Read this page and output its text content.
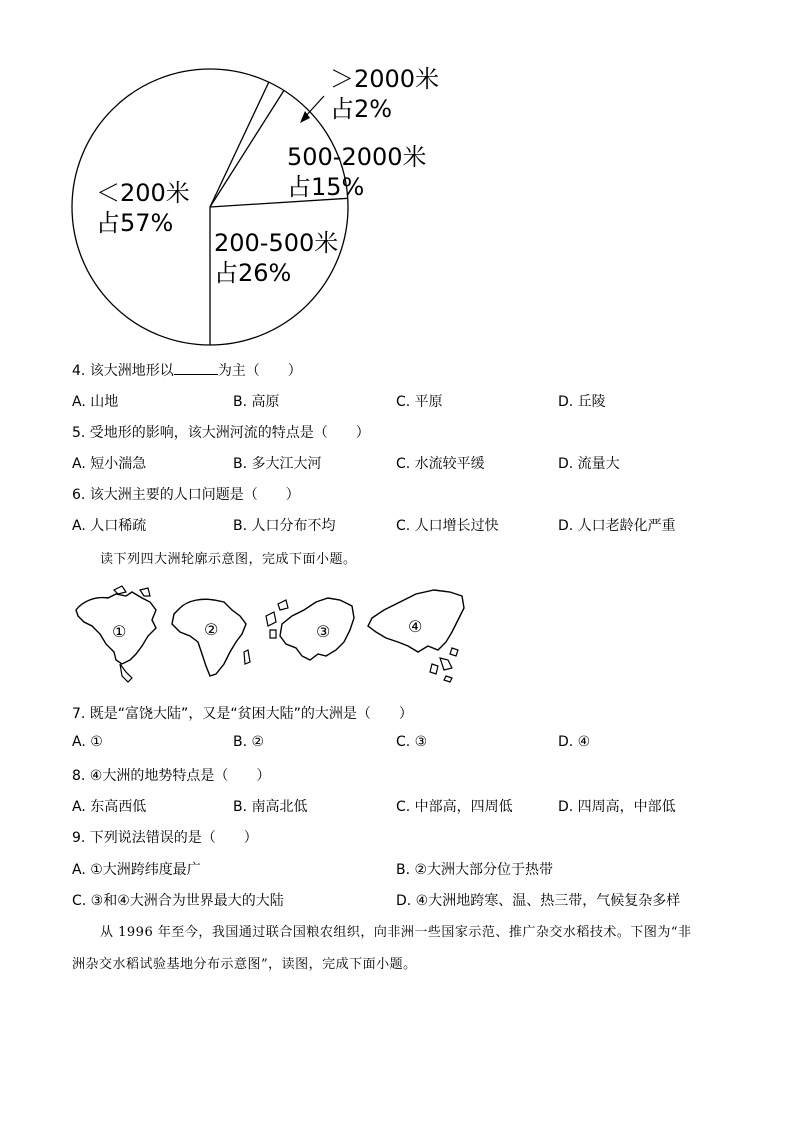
＞2000米
占2%
500-2000米
占15%
＜200米
占57%
200-500米
占26%
4. 该大洲地形以	为主（　　）
A. 山地	B. 高原	C. 平原	D. 丘陵
5. 受地形的影响，该大洲河流的特点是（　　）
A. 短小湍急	B. 多大江大河	C. 水流较平缓	D. 流量大
6. 该大洲主要的人口问题是（　　）
A. 人口稀疏	B. 人口分布不均	C. 人口增长过快	D. 人口老龄化严重
读下列四大洲轮廓示意图，完成下面小题。
①	②	③	④
7. 既是“富饶大陆”，又是“贫困大陆”的大洲是（　　）
A. ①	B. ②	C. ③	D. ④
8. ④大洲的地势特点是（　　）
A. 东高西低	B. 南高北低	C. 中部高，四周低	D. 四周高，中部低
9. 下列说法错误的是（　　）
A. ①大洲跨纬度最广	B. ②大洲大部分位于热带
C. ③和④大洲合为世界最大的大陆	D. ④大洲地跨寒、温、热三带，气候复杂多样
从 1996 年至今，我国通过联合国粮农组织，向非洲一些国家示范、推广杂交水稻技术。下图为“非
洲杂交水稻试验基地分布示意图”，读图，完成下面小题。
